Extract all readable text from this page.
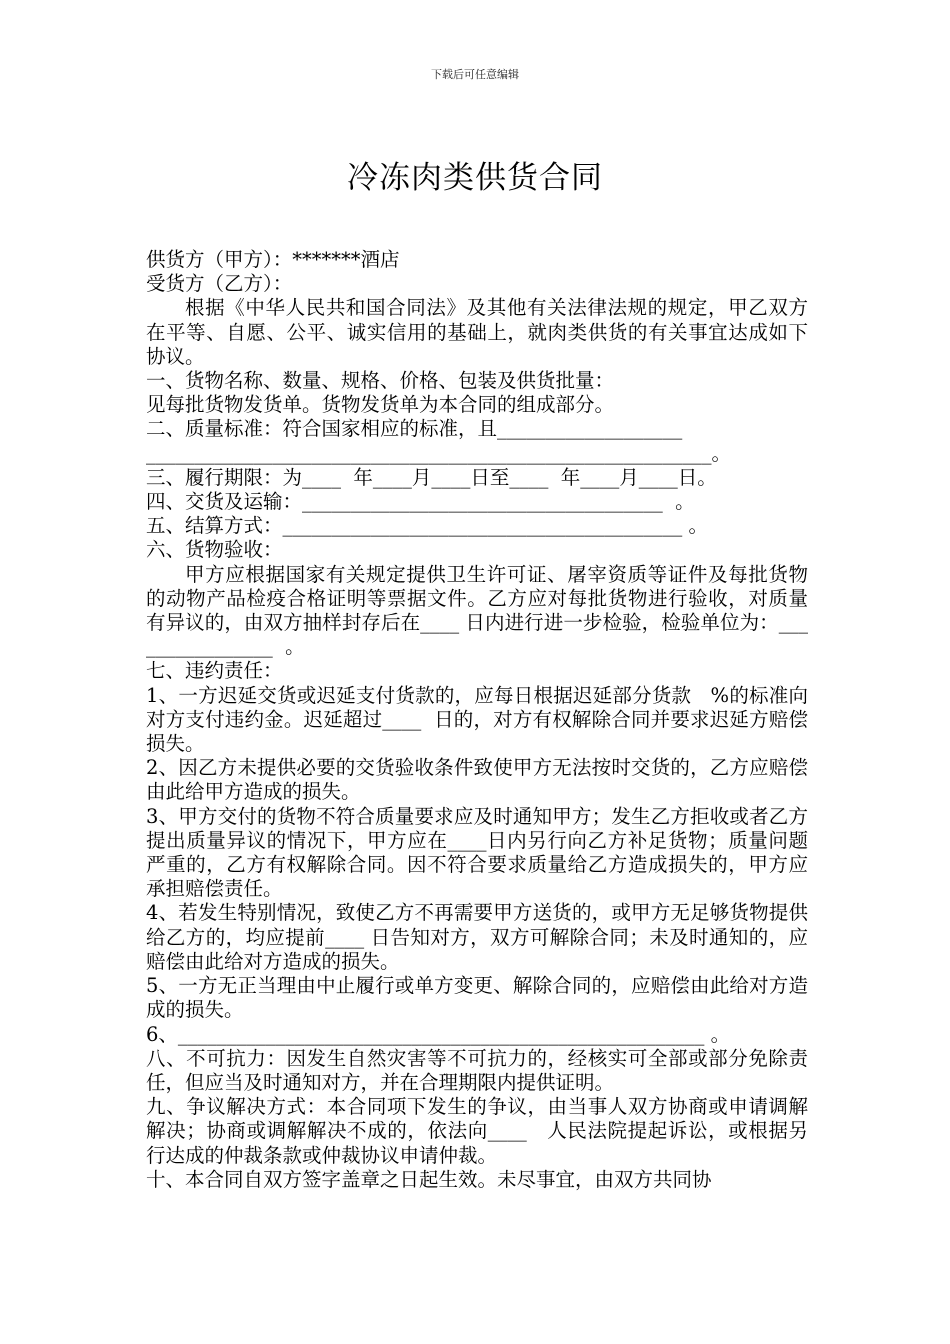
下载后可任意编辑
冷冻肉类供货合同

供货方（甲方）：*******酒店

受货方（乙方）：

根据《中华人民共和国合同法》及其他有关法律法规的规定，甲乙双方在平等、自愿、公平、诚实信用的基础上，就肉类供货的有关事宜达成如下协议。

一、货物名称、数量、规格、价格、包装及供货批量：

见每批货物发货单。货物发货单为本合同的组成部分。

二、质量标准：符合国家相应的标准，且___________________

__________________________________________________________。

三、履行期限：为____  年____月____日至____  年____月____日。

四、交货及运输：_____________________________________  。

五、结算方式：_________________________________________ 。

六、货物验收：

甲方应根据国家有关规定提供卫生许可证、屠宰资质等证件及每批货物的动物产品检疫合格证明等票据文件。乙方应对每批货物进行验收，对质量有异议的，由双方抽样封存后在____ 日内进行进一步检验，检验单位为：________________  。

七、违约责任：

1、一方迟延交货或迟延支付货款的，应每日根据迟延部分货款   %的标准向对方支付违约金。迟延超过____  日的，对方有权解除合同并要求迟延方赔偿损失。

2、因乙方未提供必要的交货验收条件致使甲方无法按时交货的，乙方应赔偿由此给甲方造成的损失。

3、甲方交付的货物不符合质量要求应及时通知甲方；发生乙方拒收或者乙方提出质量异议的情况下，甲方应在____日内另行向乙方补足货物；质量问题严重的，乙方有权解除合同。因不符合要求质量给乙方造成损失的，甲方应承担赔偿责任。

4、若发生特别情况，致使乙方不再需要甲方送货的，或甲方无足够货物提供给乙方的，均应提前____ 日告知对方，双方可解除合同；未及时通知的，应赔偿由此给对方造成的损失。

5、一方无正当理由中止履行或单方变更、解除合同的，应赔偿由此给对方造成的损失。

6、______________________________________________________ 。

八、不可抗力：因发生自然灾害等不可抗力的，经核实可全部或部分免除责任，但应当及时通知对方，并在合理期限内提供证明。

九、争议解决方式：本合同项下发生的争议，由当事人双方协商或申请调解解决；协商或调解解决不成的，依法向____   人民法院提起诉讼，或根据另行达成的仲裁条款或仲裁协议申请仲裁。

十、本合同自双方签字盖章之日起生效。未尽事宜，由双方共同协
